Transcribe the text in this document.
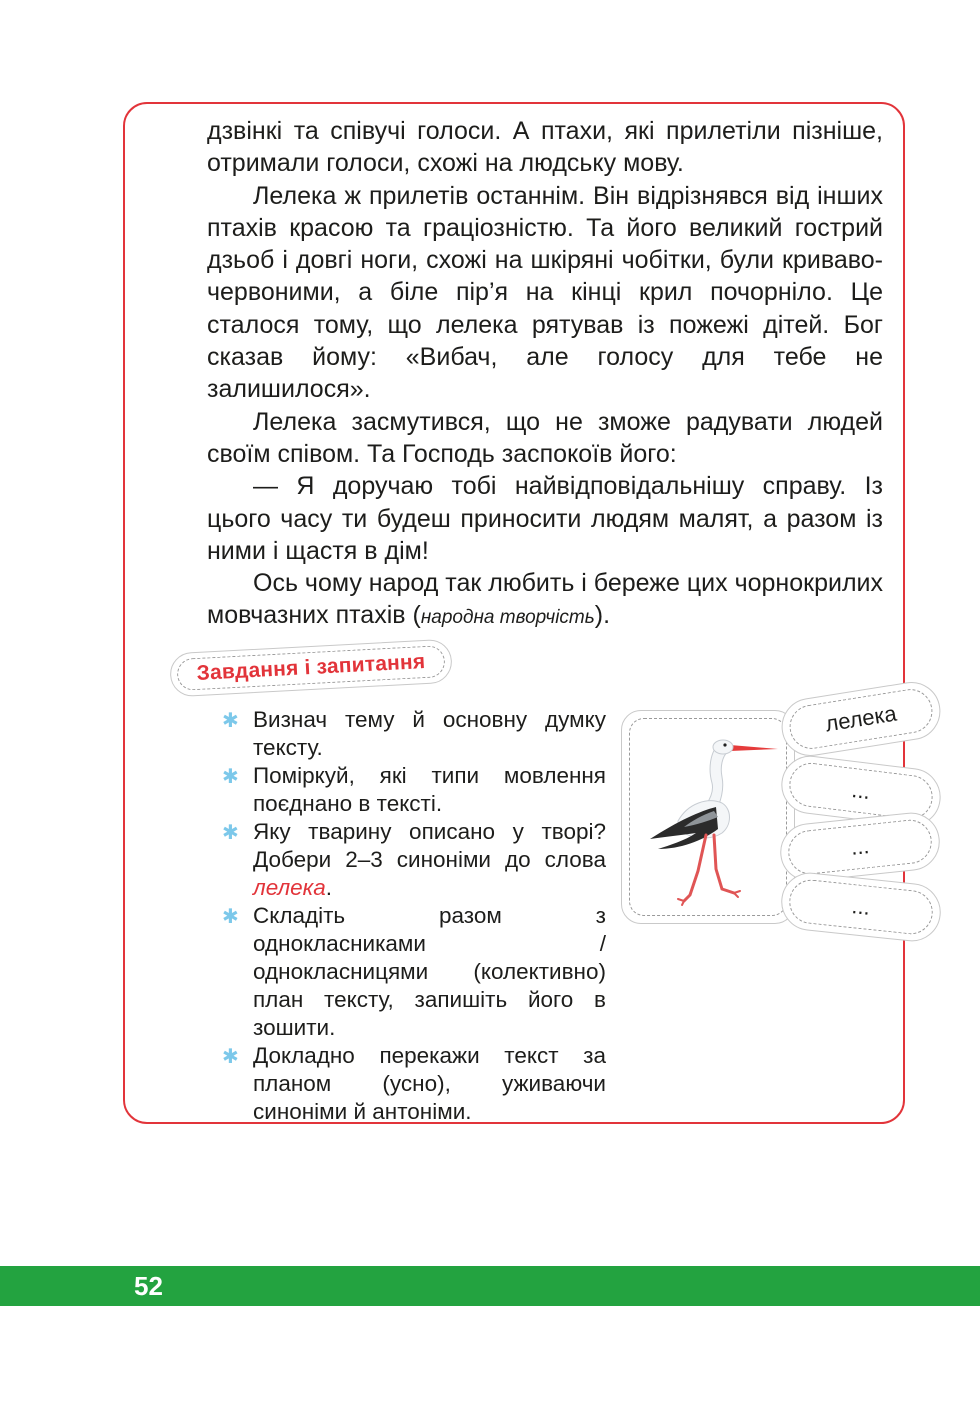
дзвінкі та співучі голоси. А птахи, які прилетіли пізніше, отримали голоси, схожі на людську мову.

Лелека ж прилетів останнім. Він відрізнявся від інших птахів красою та граціозністю. Та його великий гострий дзьоб і довгі ноги, схожі на шкіряні чобітки, були криваво-червоними, а біле пір’я на кінці крил почорніло. Це сталося тому, що лелека рятував із пожежі дітей. Бог сказав йому: «Вибач, але голосу для тебе не залишилося».

Лелека засмутився, що не зможе радувати людей своїм співом. Та Господь заспокоїв його:

— Я доручаю тобі найвідповідальнішу справу. Із цього часу ти будеш приносити людям малят, а разом із ними і щастя в дім!

Ось чому народ так любить і береже цих чорнокрилих мовчазних птахів (народна творчість).

Завдання і запитання
✱ Визнач тему й основну думку тексту.
✱ Поміркуй, які типи мовлення поєднано в тексті.
✱ Яку тварину описано у творі? Добери 2–3 синоніми до слова лелека.
✱ Складіть разом з однокласниками / однокласницями (колективно) план тексту, запишіть його в зошити.
✱ Докладно перекажи текст за планом (усно), уживаючи синоніми й антоніми.
лелека
...
...
...
52
